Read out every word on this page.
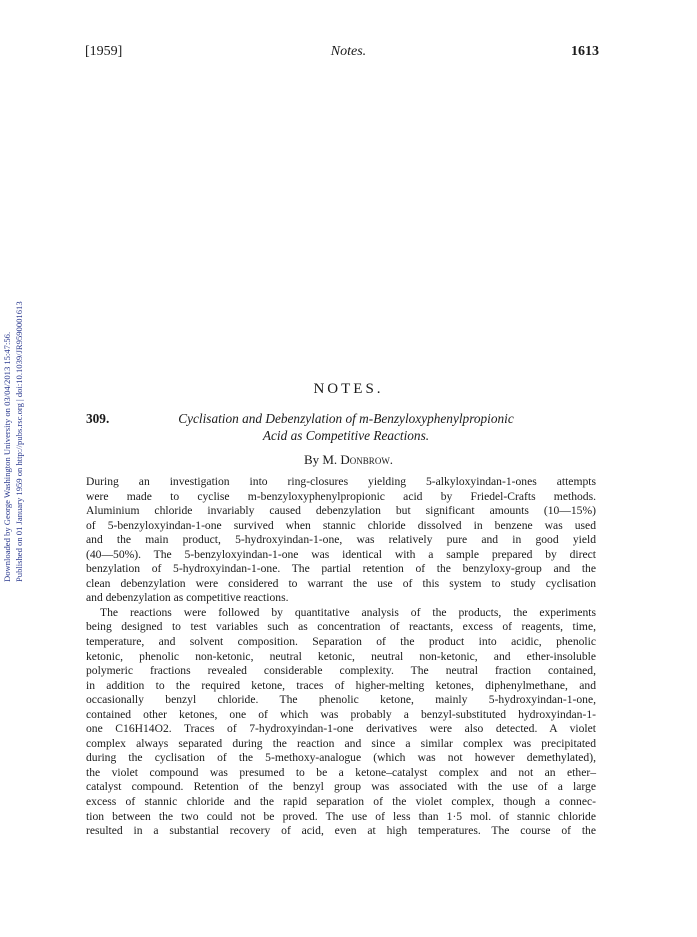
[1959]	Notes.	1613
Downloaded by George Washington University on 03/04/2013 15:47:56. Published on 01 January 1959 on http://pubs.rsc.org | doi:10.1039/JR9590001613	NOTES.
309.	Cyclisation and Debenzylation of m-Benzyloxyphenylpropionic
Acid as Competitive Reactions.
By M. Donbrow.
During an investigation into ring-closures yielding 5-alkyloxyindan-1-ones attempts
were made to cyclise m-benzyloxyphenylpropionic acid by Friedel-Crafts methods.
Aluminium chloride invariably caused debenzylation but significant amounts (10—15%)
of 5-benzyloxyindan-1-one survived when stannic chloride dissolved in benzene was used
and the main product, 5-hydroxyindan-1-one, was relatively pure and in good yield
(40—50%). The 5-benzyloxyindan-1-one was identical with a sample prepared by direct
benzylation of 5-hydroxyindan-1-one. The partial retention of the benzyloxy-group and the
clean debenzylation were considered to warrant the use of this system to study cyclisation
and debenzylation as competitive reactions.
The reactions were followed by quantitative analysis of the products, the experiments
being designed to test variables such as concentration of reactants, excess of reagents, time,
temperature, and solvent composition. Separation of the product into acidic, phenolic
ketonic, phenolic non-ketonic, neutral ketonic, neutral non-ketonic, and ether-insoluble
polymeric fractions revealed considerable complexity. The neutral fraction contained,
in addition to the required ketone, traces of higher-melting ketones, diphenylmethane, and
occasionally benzyl chloride. The phenolic ketone, mainly 5-hydroxyindan-1-one,
contained other ketones, one of which was probably a benzyl-substituted hydroxyindan-1-
one C16H14O2. Traces of 7-hydroxyindan-1-one derivatives were also detected. A violet
complex always separated during the reaction and since a similar complex was precipitated
during the cyclisation of the 5-methoxy-analogue (which was not however demethylated),
the violet compound was presumed to be a ketone–catalyst complex and not an ether–
catalyst compound. Retention of the benzyl group was associated with the use of a large
excess of stannic chloride and the rapid separation of the violet complex, though a connec-
tion between the two could not be proved. The use of less than 1·5 mol. of stannic chloride
resulted in a substantial recovery of acid, even at high temperatures. The course of the
